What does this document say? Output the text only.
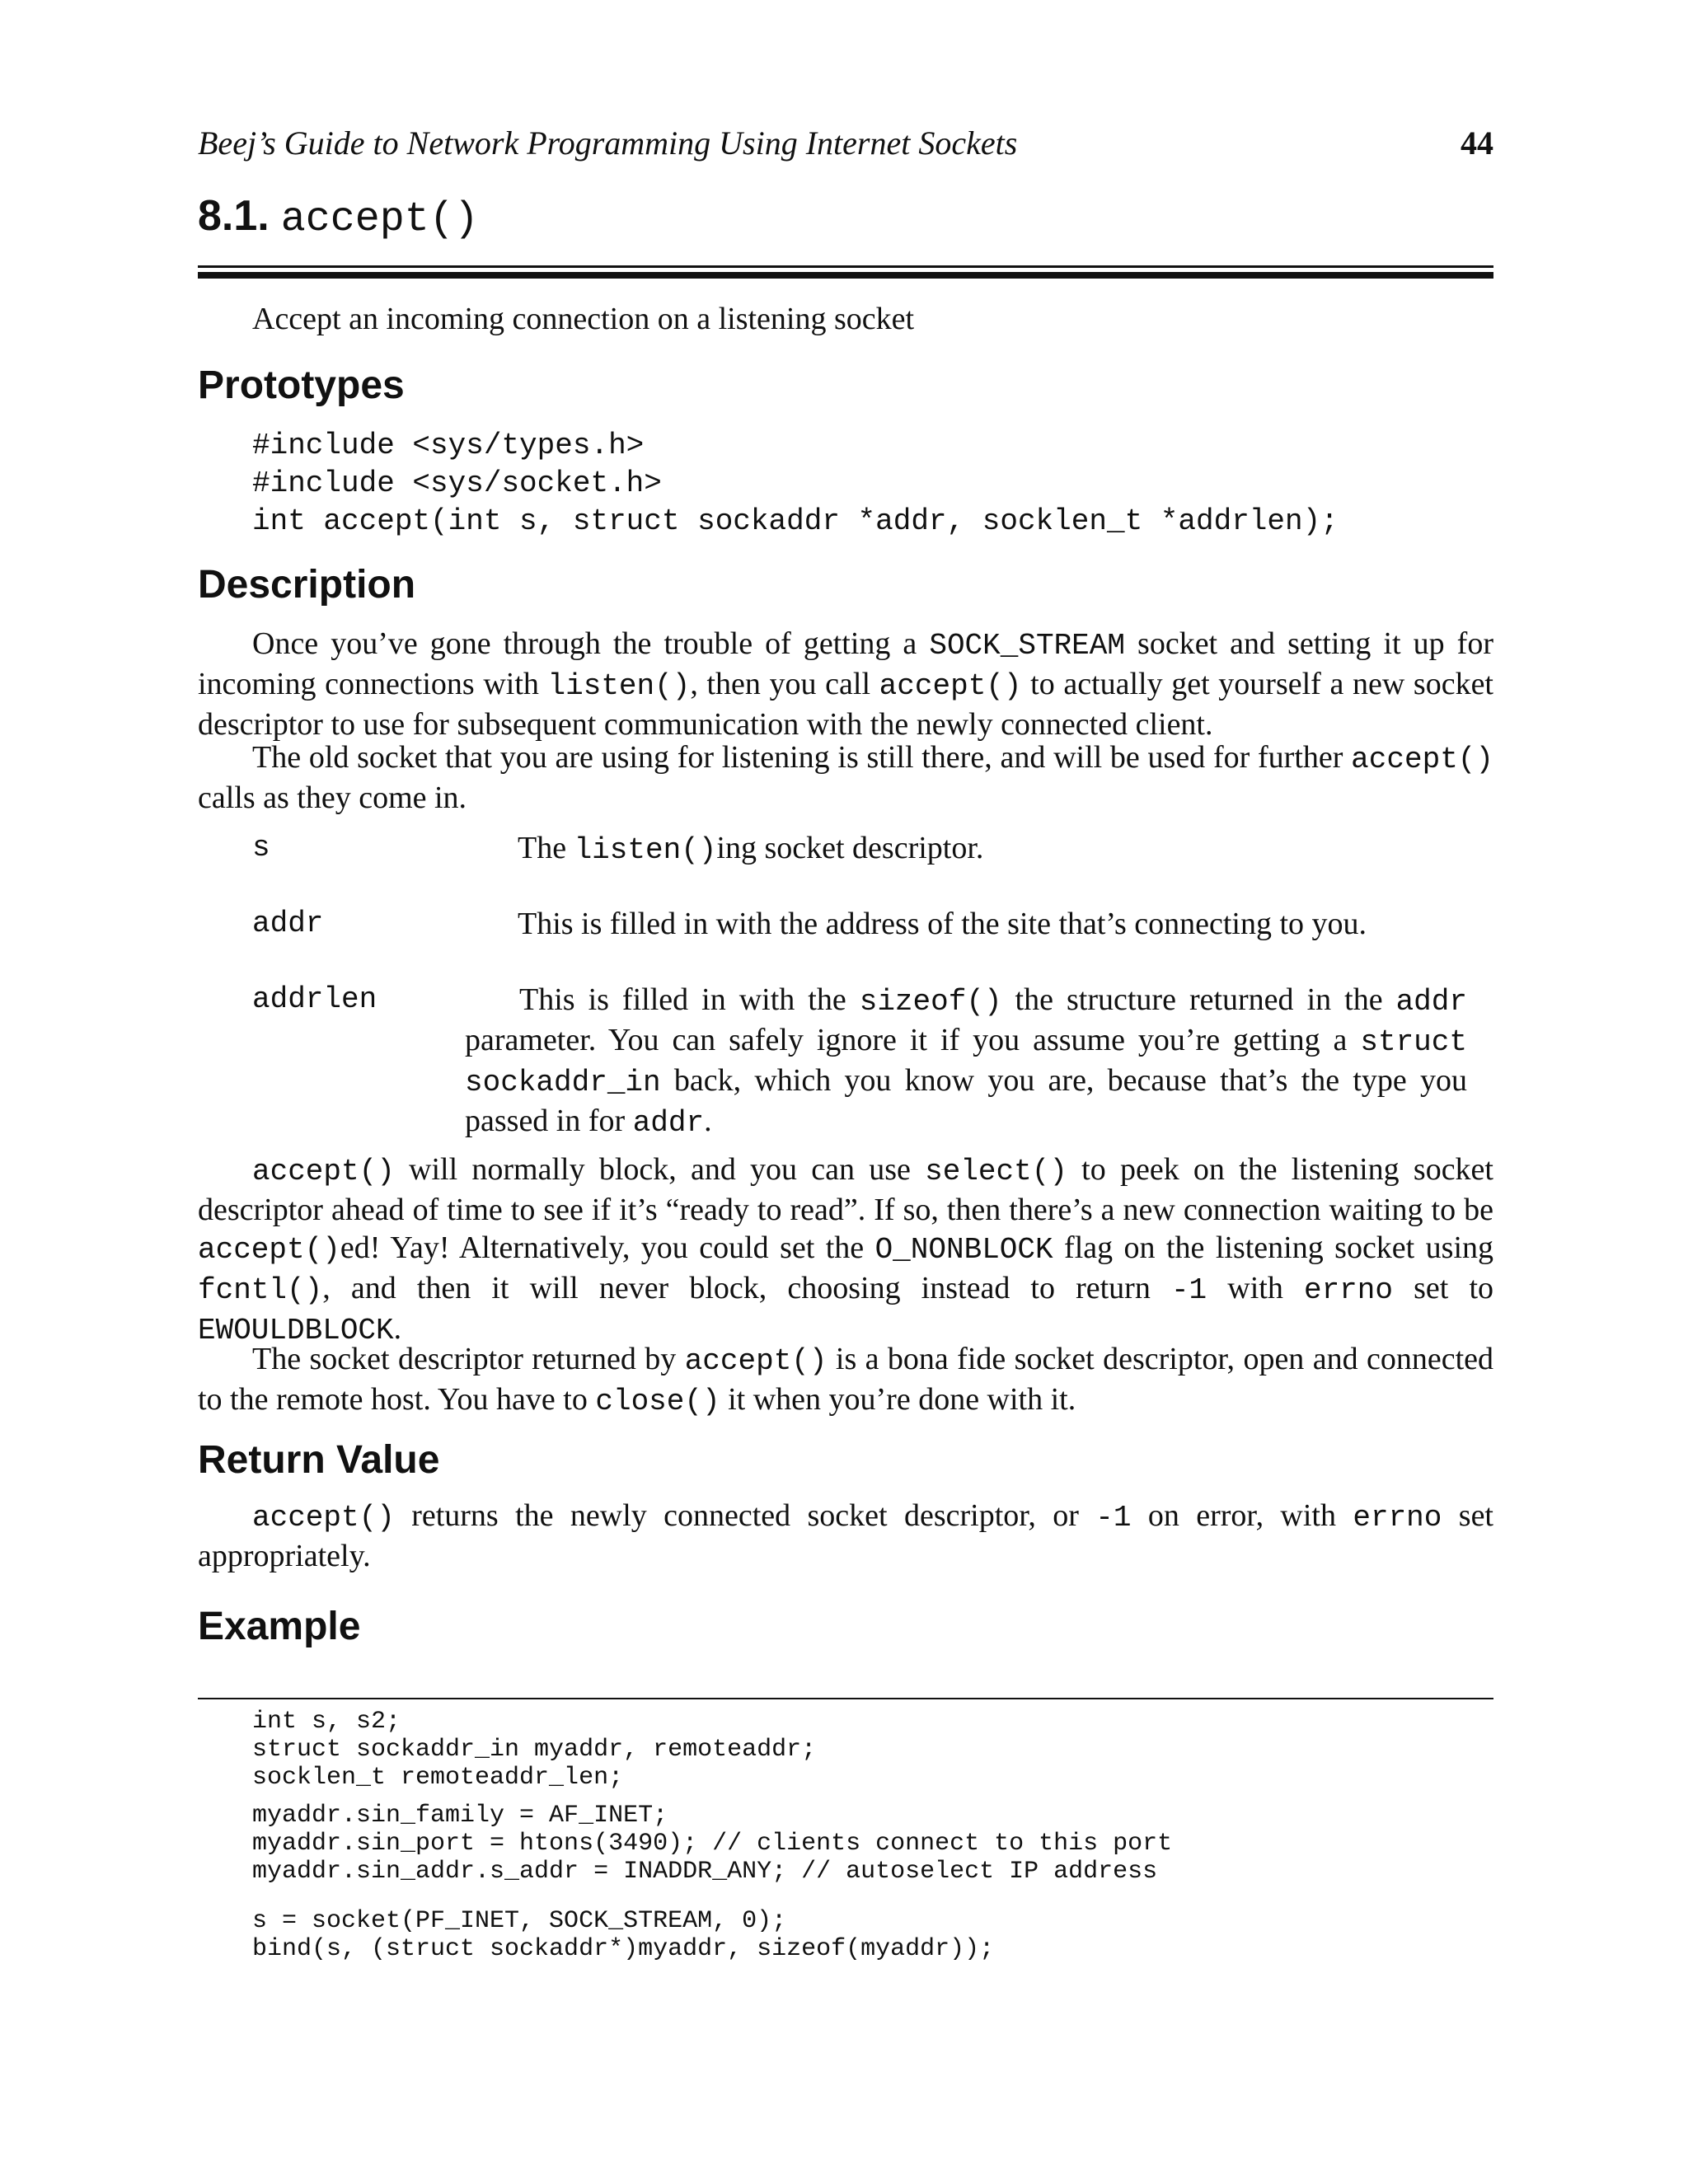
Beej’s Guide to Network Programming Using Internet Sockets	44
8.1. accept()
Accept an incoming connection on a listening socket
Prototypes
#include <sys/types.h>
#include <sys/socket.h>
int accept(int s, struct sockaddr *addr, socklen_t *addrlen);
Description
Once you’ve gone through the trouble of getting a SOCK_STREAM socket and setting it up for incoming connections with listen(), then you call accept() to actually get yourself a new socket descriptor to use for subsequent communication with the newly connected client.
The old socket that you are using for listening is still there, and will be used for further accept() calls as they come in.
s	The listen()ing socket descriptor.
addr	This is filled in with the address of the site that’s connecting to you.
addrlen	This is filled in with the sizeof() the structure returned in the addr parameter. You can safely ignore it if you assume you’re getting a struct sockaddr_in back, which you know you are, because that’s the type you passed in for addr.
accept() will normally block, and you can use select() to peek on the listening socket descriptor ahead of time to see if it’s “ready to read”. If so, then there’s a new connection waiting to be accept()ed! Yay! Alternatively, you could set the O_NONBLOCK flag on the listening socket using fcntl(), and then it will never block, choosing instead to return -1 with errno set to EWOULDBLOCK.
The socket descriptor returned by accept() is a bona fide socket descriptor, open and connected to the remote host. You have to close() it when you’re done with it.
Return Value
accept() returns the newly connected socket descriptor, or -1 on error, with errno set appropriately.
Example
int s, s2;
struct sockaddr_in myaddr, remoteaddr;
socklen_t remoteaddr_len;
myaddr.sin_family = AF_INET;
myaddr.sin_port = htons(3490); // clients connect to this port
myaddr.sin_addr.s_addr = INADDR_ANY; // autoselect IP address
s = socket(PF_INET, SOCK_STREAM, 0);
bind(s, (struct sockaddr*)myaddr, sizeof(myaddr));
